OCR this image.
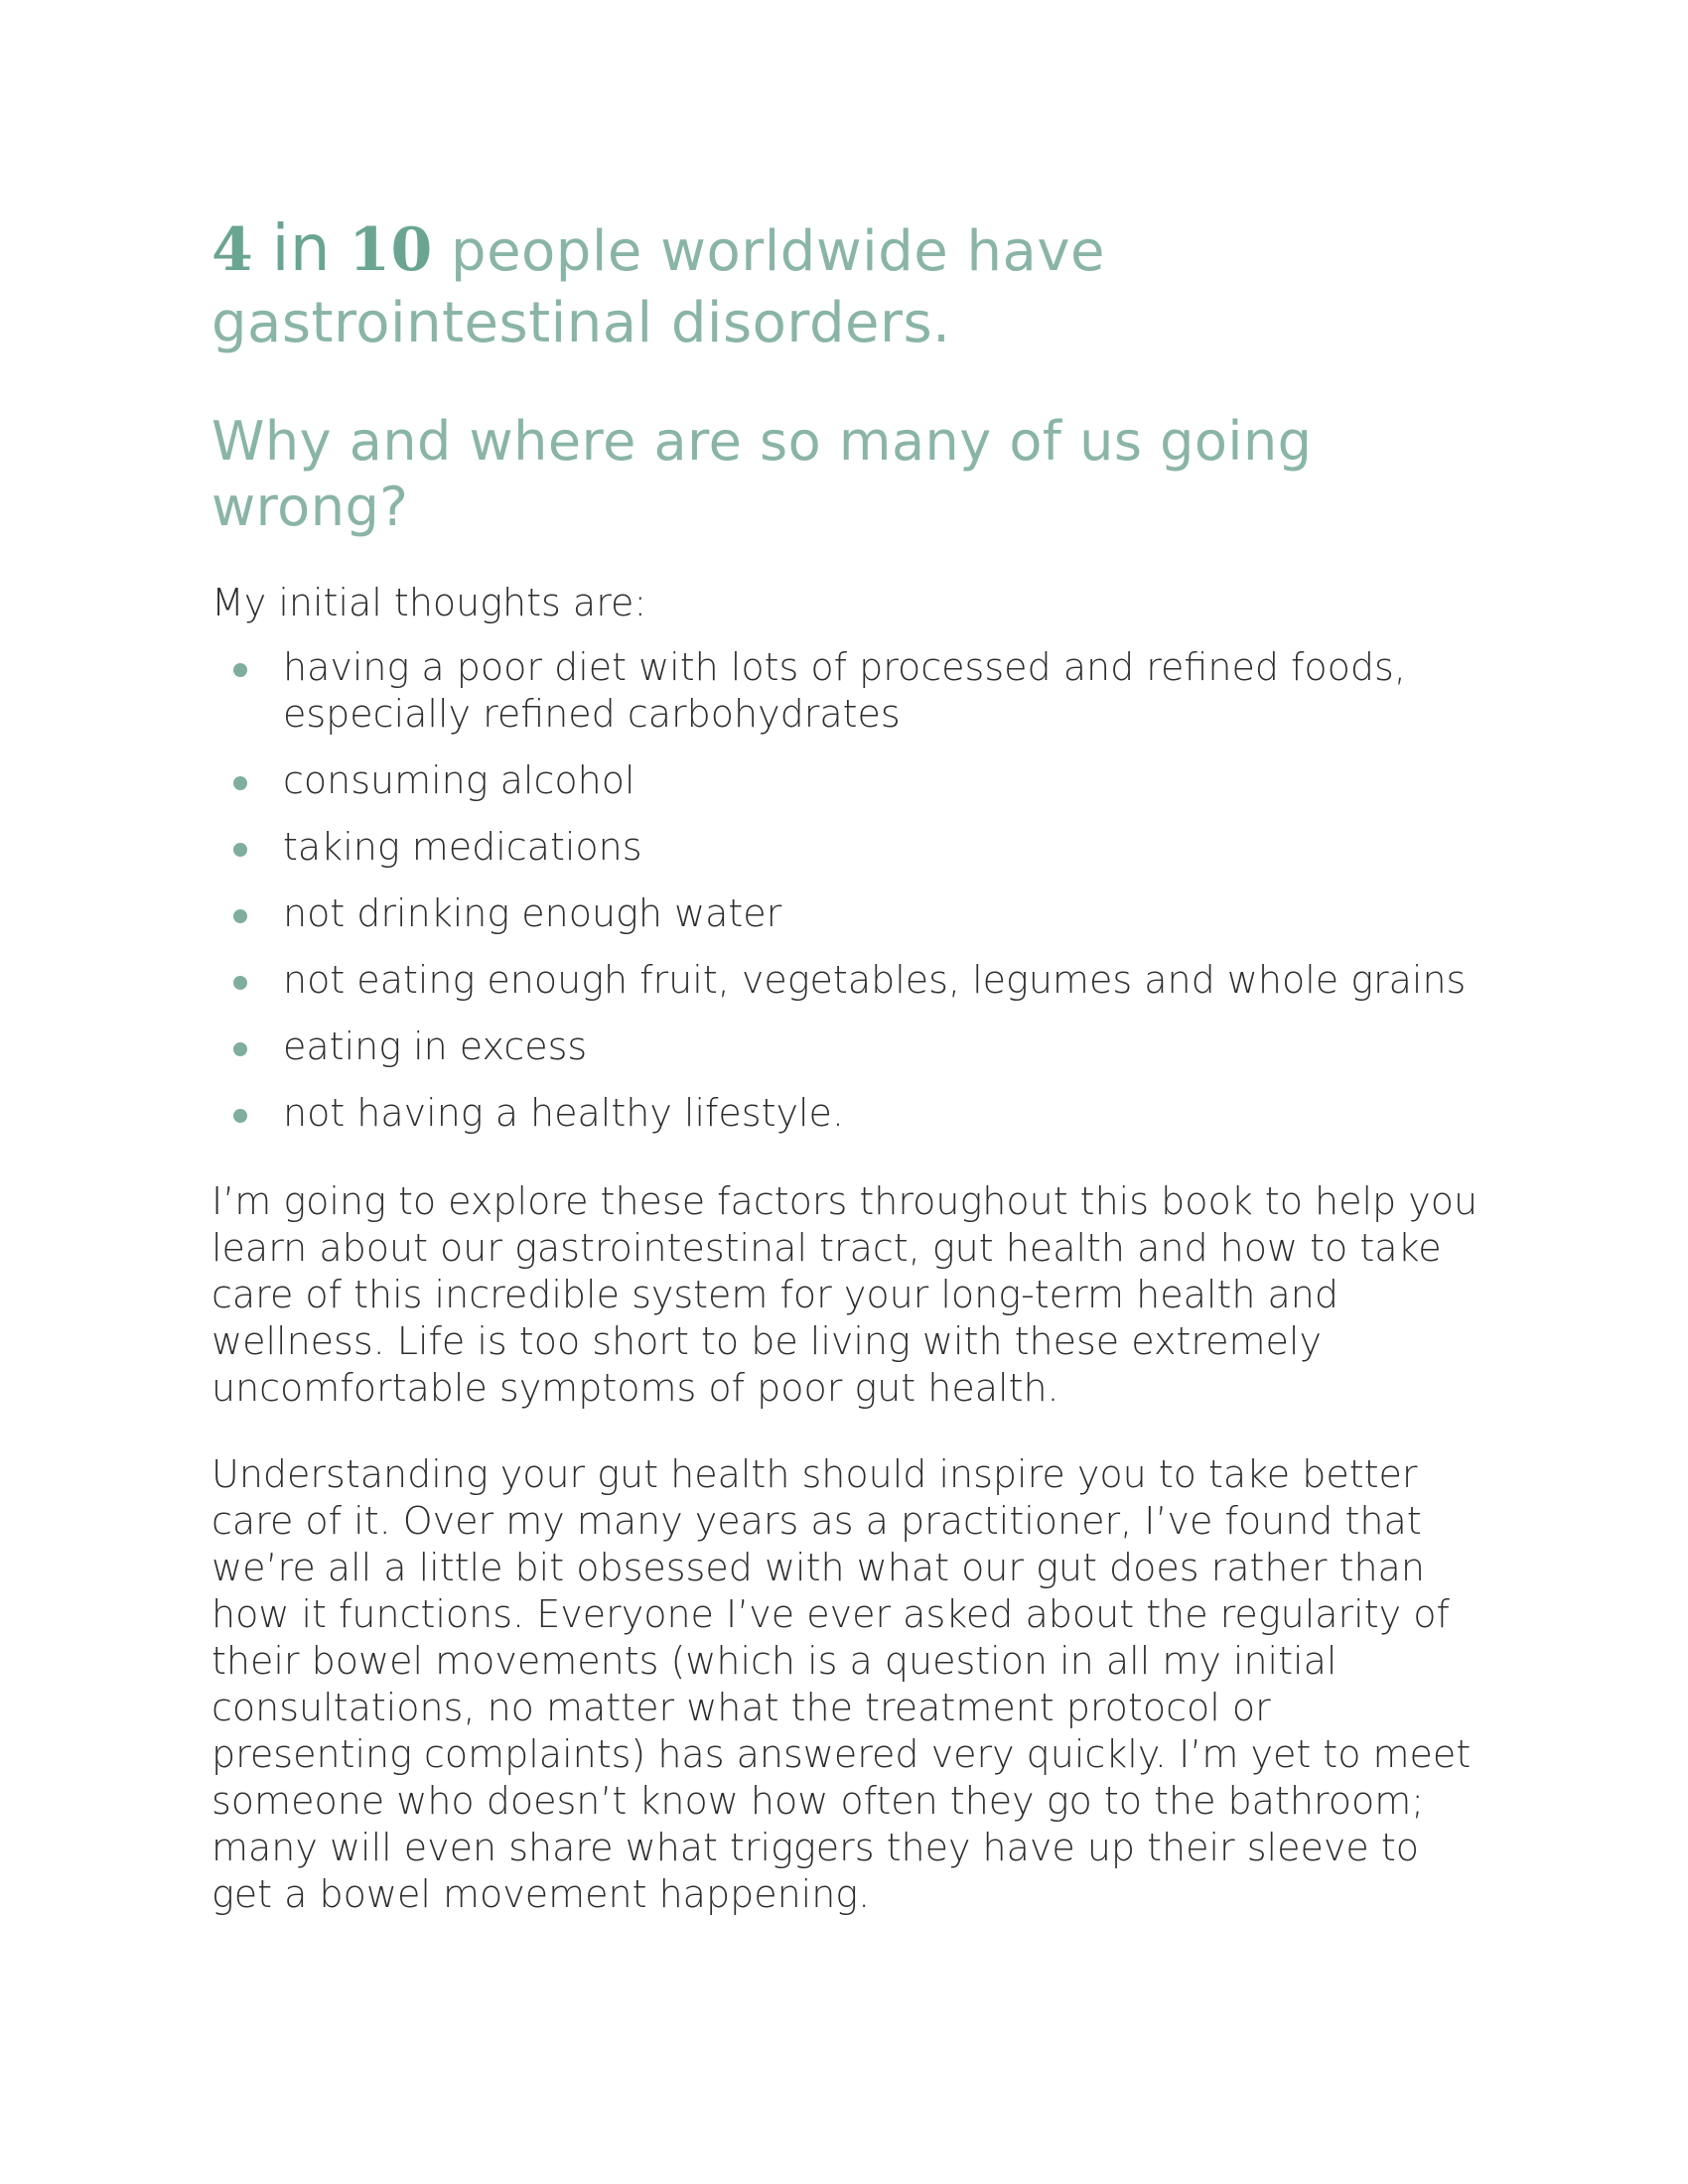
4 in 10 people worldwide have
gastrointestinal disorders.
Why and where are so many of us going wrong?

My initial thoughts are:

having a poor diet with lots of processed and refined foods, especially refined carbohydrates
consuming alcohol
taking medications
not drinking enough water
not eating enough fruit, vegetables, legumes and whole grains
eating in excess
not having a healthy lifestyle.

I’m going to explore these factors throughout this book to help you learn about our gastrointestinal tract, gut health and how to take care of this incredible system for your long-term health and wellness. Life is too short to be living with these extremely uncomfortable symptoms of poor gut health.

Understanding your gut health should inspire you to take better care of it. Over my many years as a practitioner, I’ve found that we’re all a little bit obsessed with what our gut does rather than how it functions. Everyone I’ve ever asked about the regularity of their bowel movements (which is a question in all my initial consultations, no matter what the treatment protocol or presenting complaints) has answered very quickly. I’m yet to meet someone who doesn’t know how often they go to the bathroom; many will even share what triggers they have up their sleeve to get a bowel movement happening.
